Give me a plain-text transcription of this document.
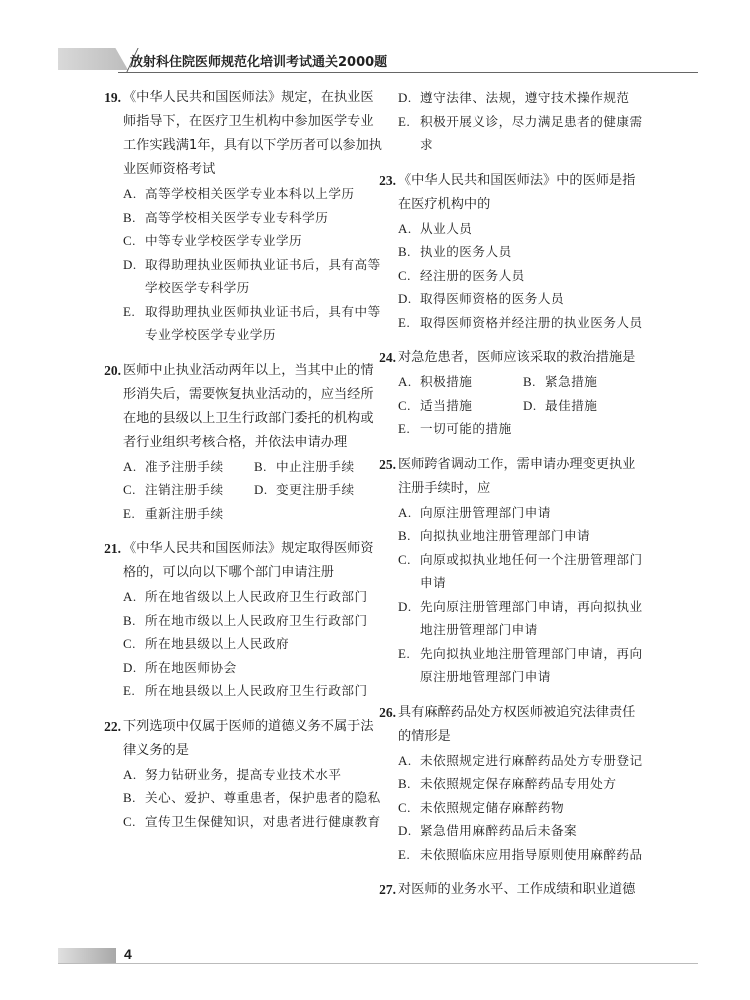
放射科住院医师规范化培训考试通关2000题

19. 《中华人民共和国医师法》规定，在执业医师指导下，在医疗卫生机构中参加医学专业工作实践满1年，具有以下学历者可以参加执业医师资格考试

A. 高等学校相关医学专业本科以上学历
B. 高等学校相关医学专业专科学历
C. 中等专业学校医学专业学历
D. 取得助理执业医师执业证书后，具有高等学校医学专科学历
E. 取得助理执业医师执业证书后，具有中等专业学校医学专业学历

20. 医师中止执业活动两年以上，当其中止的情形消失后，需要恢复执业活动的，应当经所在地的县级以上卫生行政部门委托的机构或者行业组织考核合格，并依法申请办理

A. 准予注册手续	B. 中止注册手续
C. 注销注册手续	D. 变更注册手续
E. 重新注册手续

21. 《中华人民共和国医师法》规定取得医师资格的，可以向以下哪个部门申请注册

A. 所在地省级以上人民政府卫生行政部门
B. 所在地市级以上人民政府卫生行政部门
C. 所在地县级以上人民政府
D. 所在地医师协会
E. 所在地县级以上人民政府卫生行政部门

22. 下列选项中仅属于医师的道德义务不属于法律义务的是

A. 努力钻研业务，提高专业技术水平
B. 关心、爱护、尊重患者，保护患者的隐私
C. 宣传卫生保健知识，对患者进行健康教育
D. 遵守法律、法规，遵守技术操作规范
E. 积极开展义诊，尽力满足患者的健康需求

23. 《中华人民共和国医师法》中的医师是指在医疗机构中的

A. 从业人员
B. 执业的医务人员
C. 经注册的医务人员
D. 取得医师资格的医务人员
E. 取得医师资格并经注册的执业医务人员

24. 对急危患者，医师应该采取的救治措施是

A. 积极措施	B. 紧急措施
C. 适当措施	D. 最佳措施
E. 一切可能的措施

25. 医师跨省调动工作，需申请办理变更执业注册手续时，应

A. 向原注册管理部门申请
B. 向拟执业地注册管理部门申请
C. 向原或拟执业地任何一个注册管理部门申请
D. 先向原注册管理部门申请，再向拟执业地注册管理部门申请
E. 先向拟执业地注册管理部门申请，再向原注册地管理部门申请

26. 具有麻醉药品处方权医师被追究法律责任的情形是

A. 未依照规定进行麻醉药品处方专册登记
B. 未依照规定保存麻醉药品专用处方
C. 未依照规定储存麻醉药物
D. 紧急借用麻醉药品后未备案
E. 未依照临床应用指导原则使用麻醉药品

27. 对医师的业务水平、工作成绩和职业道德

4
